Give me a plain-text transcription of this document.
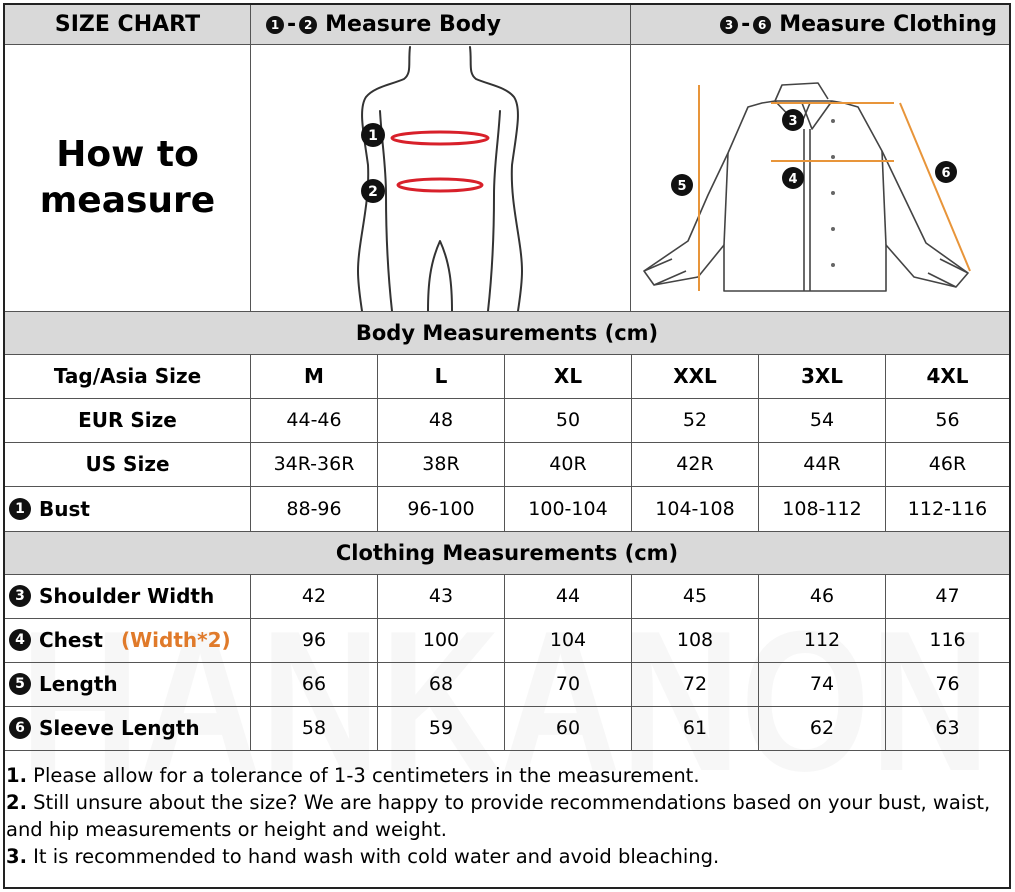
HANKANON
SIZE CHART	1 - 2 Measure Body	3 - 6 Measure Clothing
How to
measure
1
2
3
4
5
6
Body Measurements (cm)
Clothing Measurements (cm)
Tag/Asia Size	M	L	XL	XXL	3XL	4XL
EUR Size	44-46	48	50	52	54	56
US Size	34R-36R	38R	40R	42R	44R	46R
1 Bust	88-96	96-100	100-104	104-108	108-112	112-116
3 Shoulder Width	42	43	44	45	46	47
4 Chest (Width*2)	96	100	104	108	112	116
5 Length	66	68	70	72	74	76
6 Sleeve Length	58	59	60	61	62	63
1. Please allow for a tolerance of 1-3 centimeters in the measurement.
2. Still unsure about the size? We are happy to provide recommendations based on your bust, waist, and hip measurements or height and weight.
3. It is recommended to hand wash with cold water and avoid bleaching.
